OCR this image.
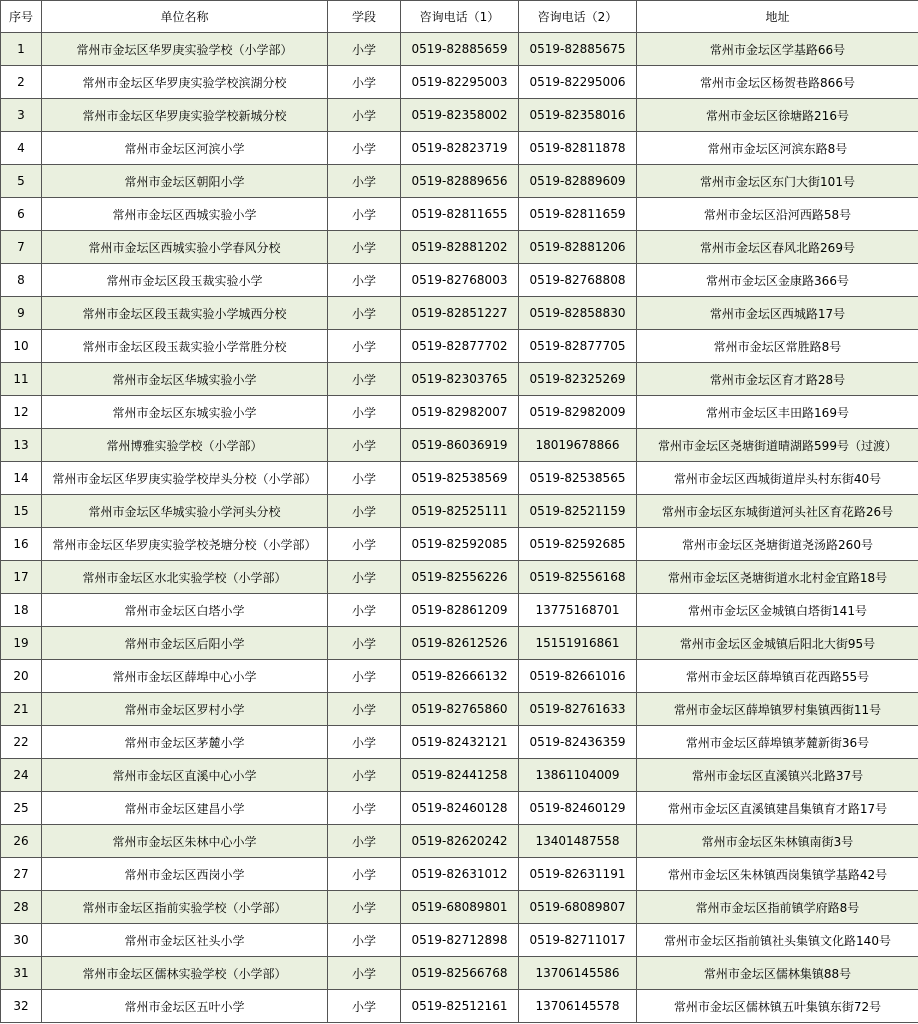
序号	单位名称	学段	咨询电话（1）	咨询电话（2）	地址
1	常州市金坛区华罗庚实验学校（小学部）	小学	0519-82885659	0519-82885675	常州市金坛区学基路66号
2	常州市金坛区华罗庚实验学校滨湖分校	小学	0519-82295003	0519-82295006	常州市金坛区杨贺巷路866号
3	常州市金坛区华罗庚实验学校新城分校	小学	0519-82358002	0519-82358016	常州市金坛区徐塘路216号
4	常州市金坛区河滨小学	小学	0519-82823719	0519-82811878	常州市金坛区河滨东路8号
5	常州市金坛区朝阳小学	小学	0519-82889656	0519-82889609	常州市金坛区东门大街101号
6	常州市金坛区西城实验小学	小学	0519-82811655	0519-82811659	常州市金坛区沿河西路58号
7	常州市金坛区西城实验小学春风分校	小学	0519-82881202	0519-82881206	常州市金坛区春风北路269号
8	常州市金坛区段玉裁实验小学	小学	0519-82768003	0519-82768808	常州市金坛区金康路366号
9	常州市金坛区段玉裁实验小学城西分校	小学	0519-82851227	0519-82858830	常州市金坛区西城路17号
10	常州市金坛区段玉裁实验小学常胜分校	小学	0519-82877702	0519-82877705	常州市金坛区常胜路8号
11	常州市金坛区华城实验小学	小学	0519-82303765	0519-82325269	常州市金坛区育才路28号
12	常州市金坛区东城实验小学	小学	0519-82982007	0519-82982009	常州市金坛区丰田路169号
13	常州博雅实验学校（小学部）	小学	0519-86036919	18019678866	常州市金坛区尧塘街道晴湖路599号（过渡）
14	常州市金坛区华罗庚实验学校岸头分校（小学部）	小学	0519-82538569	0519-82538565	常州市金坛区西城街道岸头村东街40号
15	常州市金坛区华城实验小学河头分校	小学	0519-82525111	0519-82521159	常州市金坛区东城街道河头社区育花路26号
16	常州市金坛区华罗庚实验学校尧塘分校（小学部）	小学	0519-82592085	0519-82592685	常州市金坛区尧塘街道尧汤路260号
17	常州市金坛区水北实验学校（小学部）	小学	0519-82556226	0519-82556168	常州市金坛区尧塘街道水北村金宜路18号
18	常州市金坛区白塔小学	小学	0519-82861209	13775168701	常州市金坛区金城镇白塔街141号
19	常州市金坛区后阳小学	小学	0519-82612526	15151916861	常州市金坛区金城镇后阳北大街95号
20	常州市金坛区薛埠中心小学	小学	0519-82666132	0519-82661016	常州市金坛区薛埠镇百花西路55号
21	常州市金坛区罗村小学	小学	0519-82765860	0519-82761633	常州市金坛区薛埠镇罗村集镇西街11号
22	常州市金坛区茅麓小学	小学	0519-82432121	0519-82436359	常州市金坛区薛埠镇茅麓新街36号
24	常州市金坛区直溪中心小学	小学	0519-82441258	13861104009	常州市金坛区直溪镇兴北路37号
25	常州市金坛区建昌小学	小学	0519-82460128	0519-82460129	常州市金坛区直溪镇建昌集镇育才路17号
26	常州市金坛区朱林中心小学	小学	0519-82620242	13401487558	常州市金坛区朱林镇南街3号
27	常州市金坛区西岗小学	小学	0519-82631012	0519-82631191	常州市金坛区朱林镇西岗集镇学基路42号
28	常州市金坛区指前实验学校（小学部）	小学	0519-68089801	0519-68089807	常州市金坛区指前镇学府路8号
30	常州市金坛区社头小学	小学	0519-82712898	0519-82711017	常州市金坛区指前镇社头集镇文化路140号
31	常州市金坛区儒林实验学校（小学部）	小学	0519-82566768	13706145586	常州市金坛区儒林集镇88号
32	常州市金坛区五叶小学	小学	0519-82512161	13706145578	常州市金坛区儒林镇五叶集镇东街72号
